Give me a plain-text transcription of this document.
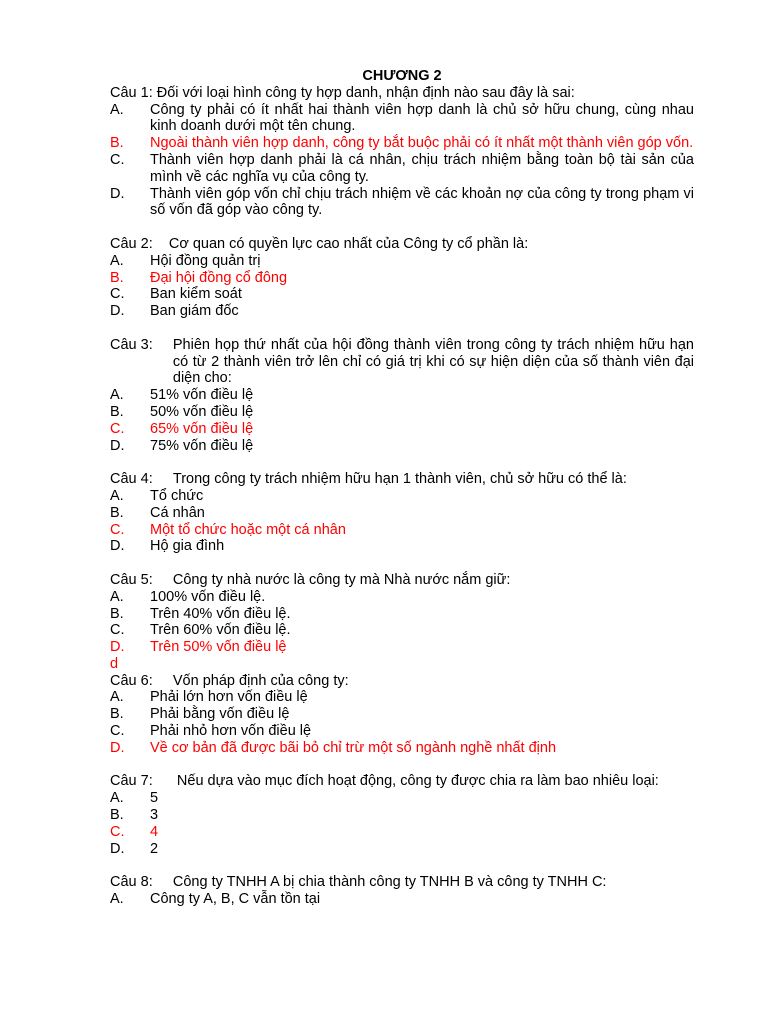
CHƯƠNG 2
Câu 1:
Đối với loại hình công ty hợp danh, nhận định nào sau đây là sai:
A.	Công ty phải có ít nhất hai thành viên hợp danh là chủ sở hữu chung, cùng nhau kinh doanh dưới một tên chung.
B.	Ngoài thành viên hợp danh, công ty bắt buộc phải có ít nhất một thành viên góp vốn.
C.	Thành viên hợp danh phải là cá nhân, chịu trách nhiệm bằng toàn bộ tài sản của mình về các nghĩa vụ của công ty.
D.	Thành viên góp vốn chỉ chịu trách nhiệm về các khoản nợ của công ty trong phạm vi số vốn đã góp vào công ty.
Câu 2:
Cơ quan có quyền lực cao nhất của Công ty cổ phần là:
A.	Hội đồng quản trị
B.	Đại hội đồng cổ đông
C.	Ban kiểm soát
D.	Ban giám đốc
Câu 3:
Phiên họp thứ nhất của hội đồng thành viên trong công ty trách nhiệm hữu hạn có từ 2 thành viên trở lên chỉ có giá trị khi có sự hiện diện của số thành viên đại diện cho:
A.	51% vốn điều lệ
B.	50% vốn điều lệ
C.	65% vốn điều lệ
D.	75% vốn điều lệ
Câu 4:
Trong công ty trách nhiệm hữu hạn 1 thành viên, chủ sở hữu có thể là:
A.	Tổ chức
B.	Cá nhân
C.	Một tổ chức hoặc một cá nhân
D.	Hộ gia đình
Câu 5:
Công ty nhà nước là công ty mà Nhà nước nắm giữ:
A.	100% vốn điều lệ.
B.	Trên 40% vốn điều lệ.
C.	Trên 60% vốn điều lệ.
D.	Trên 50% vốn điều lệ
d
Câu 6:
Vốn pháp định của công ty:
A.	Phải lớn hơn vốn điều lệ
B.	Phải bằng vốn điều lệ
C.	Phải nhỏ hơn vốn điều lệ
D.	Về cơ bản đã được bãi bỏ chỉ trừ một số ngành nghề nhất định
Câu 7:
Nếu dựa vào mục đích hoạt động, công ty được chia ra làm bao nhiêu loại:
A.	5
B.	3
C.	4
D.	2
Câu 8:
Công ty TNHH A bị chia thành công ty TNHH B và công ty TNHH C:
A.	Công ty A, B, C vẫn tồn tại
